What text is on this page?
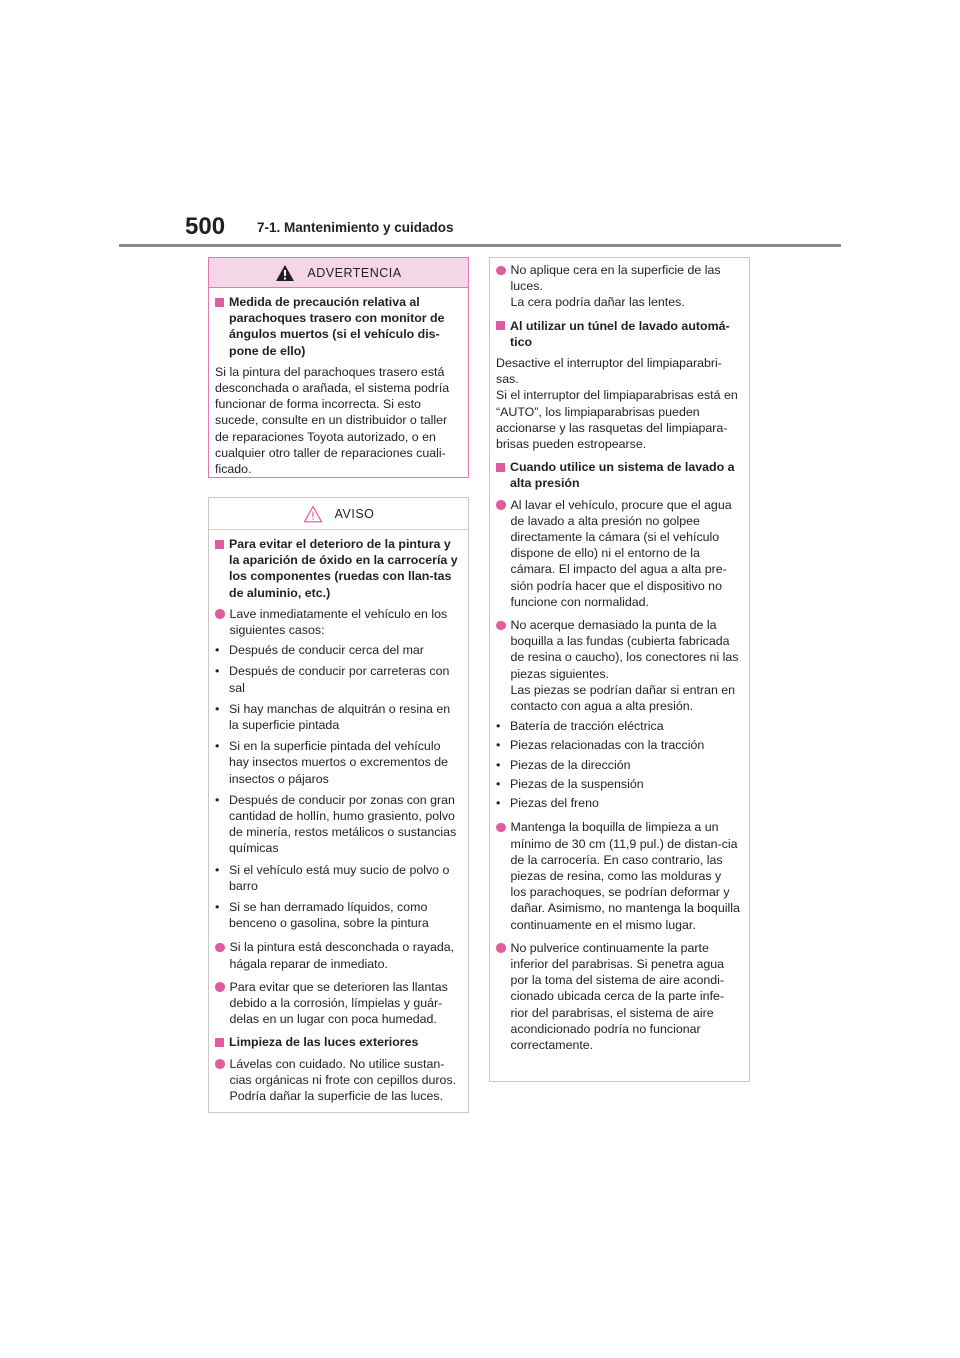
500 7-1. Mantenimiento y cuidados
ADVERTENCIA
Medida de precaución relativa al parachoques trasero con monitor de ángulos muertos (si el vehículo dis-pone de ello)
Si la pintura del parachoques trasero está desconchada o arañada, el sistema podría funcionar de forma incorrecta. Si esto sucede, consulte en un distribuidor o taller de reparaciones Toyota autorizado, o en cualquier otro taller de reparaciones cuali-ficado.
AVISO
Para evitar el deterioro de la pintura y la aparición de óxido en la carrocería y los componentes (ruedas con llan-tas de aluminio, etc.)
Lave inmediatamente el vehículo en los siguientes casos:
• Después de conducir cerca del mar
• Después de conducir por carreteras con sal
• Si hay manchas de alquitrán o resina en la superficie pintada
• Si en la superficie pintada del vehículo hay insectos muertos o excrementos de insectos o pájaros
• Después de conducir por zonas con gran cantidad de hollín, humo grasiento, polvo de minería, restos metálicos o sustancias químicas
• Si el vehículo está muy sucio de polvo o barro
• Si se han derramado líquidos, como benceno o gasolina, sobre la pintura
Si la pintura está desconchada o rayada, hágala reparar de inmediato.
Para evitar que se deterioren las llantas debido a la corrosión, límpielas y guár-delas en un lugar con poca humedad.
Limpieza de las luces exteriores
Lávelas con cuidado. No utilice sustan-cias orgánicas ni frote con cepillos duros.
Podría dañar la superficie de las luces.
No aplique cera en la superficie de las luces.
La cera podría dañar las lentes.
Al utilizar un túnel de lavado automá-tico
Desactive el interruptor del limpiaparabri-sas.
Si el interruptor del limpiaparabrisas está en “AUTO”, los limpiaparabrisas pueden accionarse y las rasquetas del limpiapara-brisas pueden estropearse.
Cuando utilice un sistema de lavado a alta presión
Al lavar el vehículo, procure que el agua de lavado a alta presión no golpee directamente la cámara (si el vehículo dispone de ello) ni el entorno de la cámara. El impacto del agua a alta pre-sión podría hacer que el dispositivo no funcione con normalidad.
No acerque demasiado la punta de la boquilla a las fundas (cubierta fabricada de resina o caucho), los conectores ni las piezas siguientes.
Las piezas se podrían dañar si entran en contacto con agua a alta presión.
• Batería de tracción eléctrica
• Piezas relacionadas con la tracción
• Piezas de la dirección
• Piezas de la suspensión
• Piezas del freno
Mantenga la boquilla de limpieza a un mínimo de 30 cm (11,9 pul.) de distan-cia de la carrocería. En caso contrario, las piezas de resina, como las molduras y los parachoques, se podrían deformar y dañar. Asimismo, no mantenga la boquilla continuamente en el mismo lugar.
No pulverice continuamente la parte inferior del parabrisas. Si penetra agua por la toma del sistema de aire acondi-cionado ubicada cerca de la parte infe-rior del parabrisas, el sistema de aire acondicionado podría no funcionar correctamente.
